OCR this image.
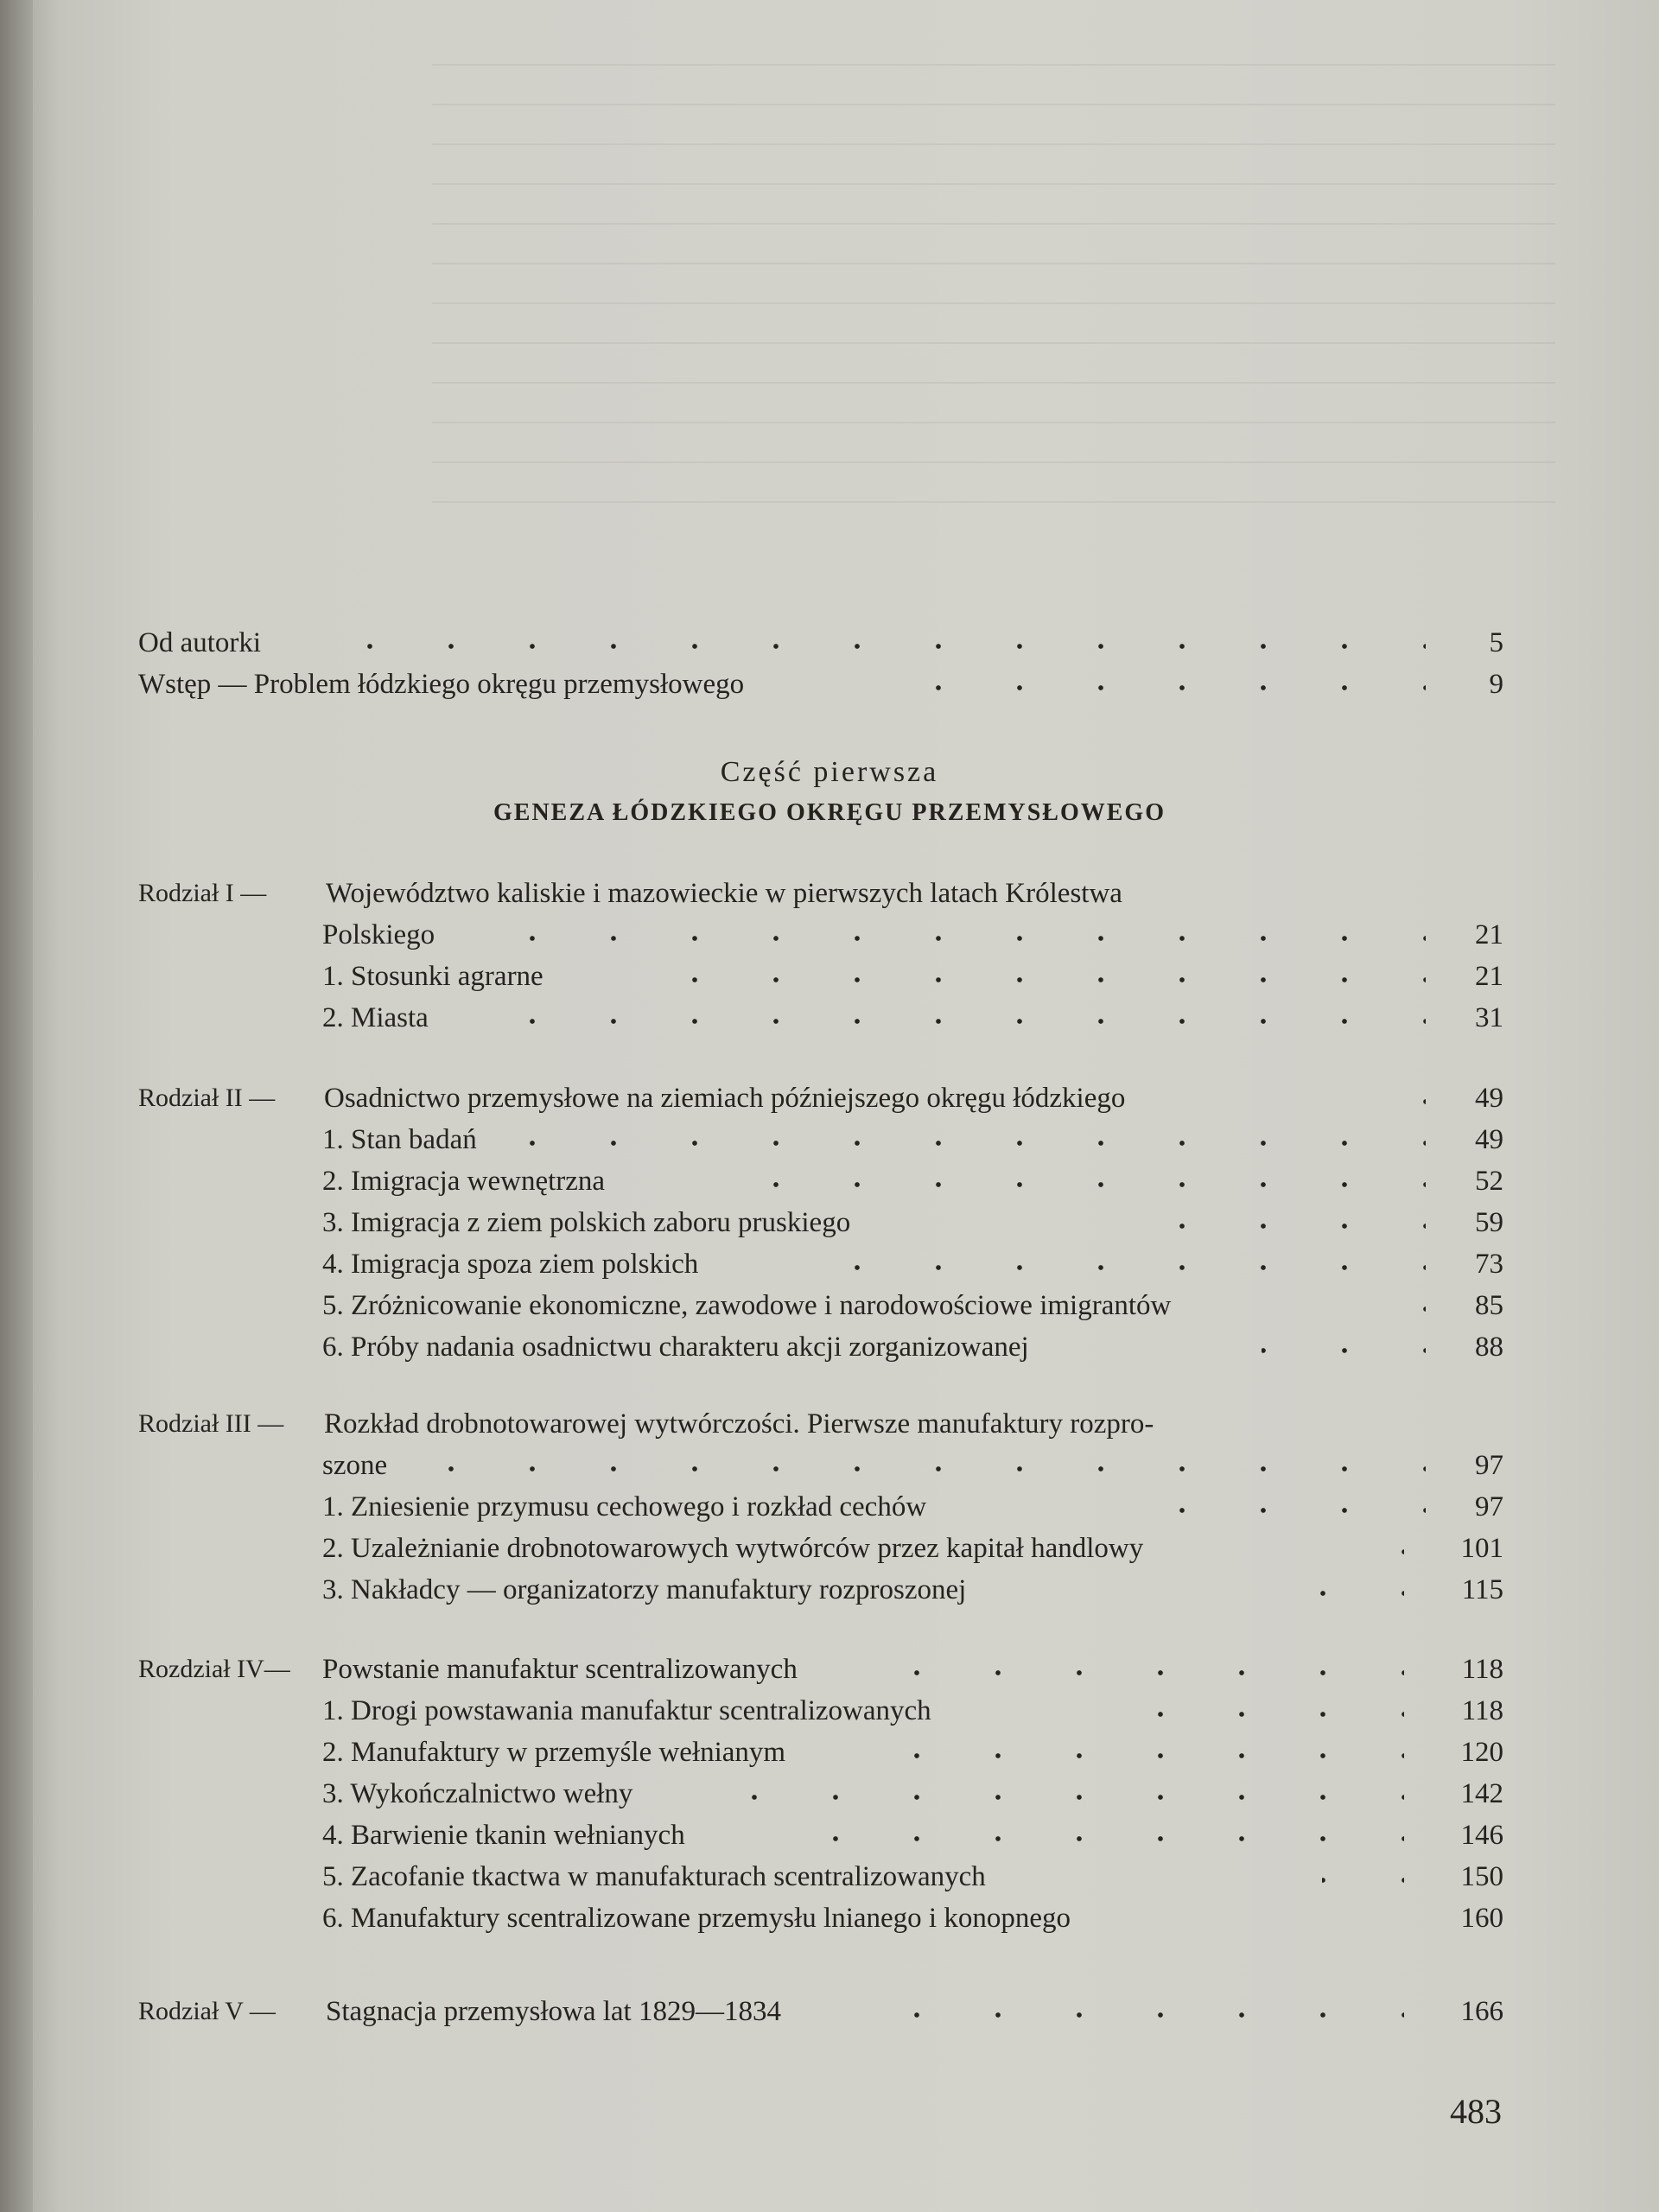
Od autorki	5
Wstęp — Problem łódzkiego okręgu przemysłowego	9
Część pierwsza
GENEZA ŁÓDZKIEGO OKRĘGU PRZEMYSŁOWEGO
Rodział I — Województwo kaliskie i mazowieckie w pierwszych latach Królestwa
Polskiego	21
1. Stosunki agrarne	21
2. Miasta	31
Rodział II — Osadnictwo przemysłowe na ziemiach późniejszego okręgu łódzkiego	49
1. Stan badań	49
2. Imigracja wewnętrzna	52
3. Imigracja z ziem polskich zaboru pruskiego	59
4. Imigracja spoza ziem polskich	73
5. Zróżnicowanie ekonomiczne, zawodowe i narodowościowe imigrantów	85
6. Próby nadania osadnictwu charakteru akcji zorganizowanej	88
Rodział III — Rozkład drobnotowarowej wytwórczości. Pierwsze manufaktury rozpro-
szone	97
1. Zniesienie przymusu cechowego i rozkład cechów	97
2. Uzależnianie drobnotowarowych wytwórców przez kapitał handlowy	101
3. Nakładcy — organizatorzy manufaktury rozproszonej	115
Rozdział IV— Powstanie manufaktur scentralizowanych	118
1. Drogi powstawania manufaktur scentralizowanych	118
2. Manufaktury w przemyśle wełnianym	120
3. Wykończalnictwo wełny	142
4. Barwienie tkanin wełnianych	146
5. Zacofanie tkactwa w manufakturach scentralizowanych	150
6. Manufaktury scentralizowane przemysłu lnianego i konopnego	160
Rodział V — Stagnacja przemysłowa lat 1829—1834	166
483
